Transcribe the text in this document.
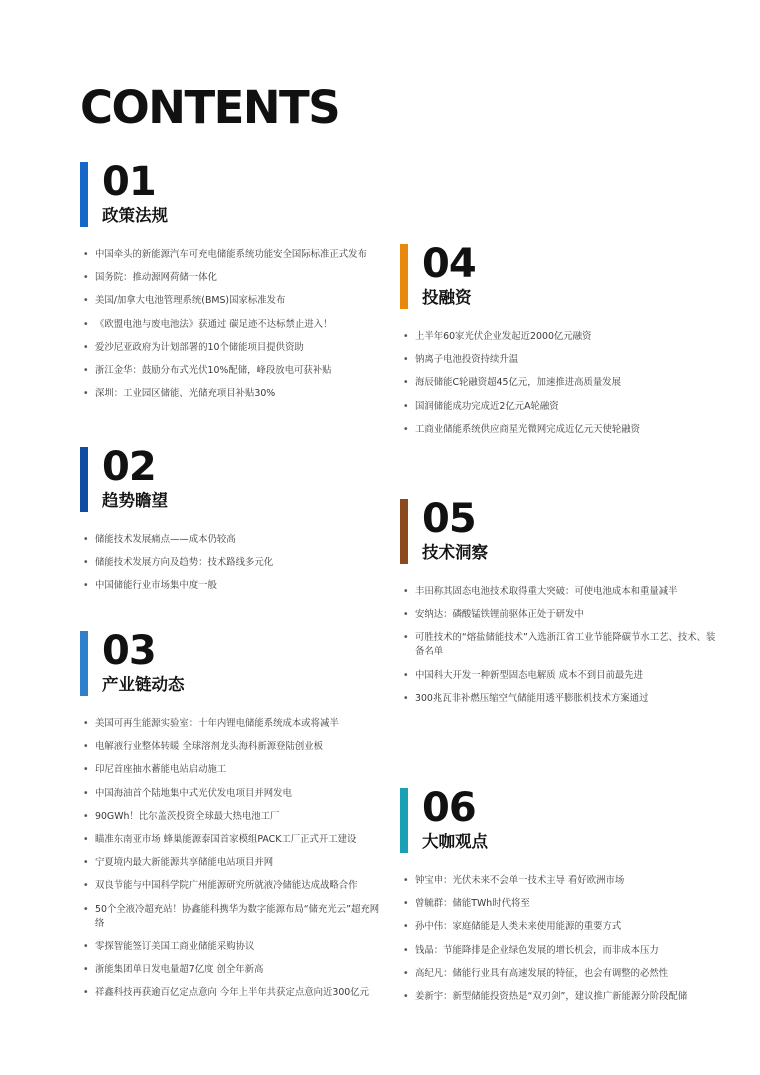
CONTENTS
01
政策法规
• 中国牵头的新能源汽车可充电储能系统功能安全国际标准正式发布
• 国务院：推动源网荷储一体化
• 美国/加拿大电池管理系统(BMS)国家标准发布
• 《欧盟电池与废电池法》获通过 碳足迹不达标禁止进入！
• 爱沙尼亚政府为计划部署的10个储能项目提供资助
• 浙江金华：鼓励分布式光伏10%配储，峰段放电可获补贴
• 深圳：工业园区储能、光储充项目补贴30%
02
趋势瞻望
• 储能技术发展痛点——成本仍较高
• 储能技术发展方向及趋势：技术路线多元化
• 中国储能行业市场集中度一般
03
产业链动态
• 美国可再生能源实验室：十年内锂电储能系统成本或将减半
• 电解液行业整体转暖 全球溶剂龙头海科新源登陆创业板
• 印尼首座抽水蓄能电站启动施工
• 中国海油首个陆地集中式光伏发电项目并网发电
• 90GWh！比尔盖茨投资全球最大热电池工厂
• 瞄准东南亚市场 蜂巢能源泰国首家模组PACK工厂正式开工建设
• 宁夏境内最大新能源共享储能电站项目并网
• 双良节能与中国科学院广州能源研究所就液冷储能达成战略合作
• 50个全液冷超充站！协鑫能科携华为数字能源布局“储充光云”超充网络
• 零探智能签订美国工商业储能采购协议
• 浙能集团单日发电量超7亿度 创全年新高
• 祥鑫科技再获逾百亿定点意向 今年上半年共获定点意向近300亿元
04
投融资
• 上半年60家光伏企业发起近2000亿元融资
• 钠离子电池投资持续升温
• 海辰储能C轮融资超45亿元，加速推进高质量发展
• 国润储能成功完成近2亿元A轮融资
• 工商业储能系统供应商星光微网完成近亿元天使轮融资
05
技术洞察
• 丰田称其固态电池技术取得重大突破：可使电池成本和重量减半
• 安纳达：磷酸锰铁锂前驱体正处于研发中
• 可胜技术的“熔盐储能技术”入选浙江省工业节能降碳节水工艺、技术、装备名单
• 中国科大开发一种新型固态电解质 成本不到目前最先进
• 300兆瓦非补燃压缩空气储能用透平膨胀机技术方案通过
06
大咖观点
• 钟宝申：光伏未来不会单一技术主导 看好欧洲市场
• 曾毓群：储能TWh时代将至
• 孙中伟：家庭储能是人类未来使用能源的重要方式
• 钱晶：节能降排是企业绿色发展的增长机会，而非成本压力
• 高纪凡：储能行业具有高速发展的特征，也会有调整的必然性
• 姜新宇：新型储能投资热是“双刃剑”，建议推广新能源分阶段配储
